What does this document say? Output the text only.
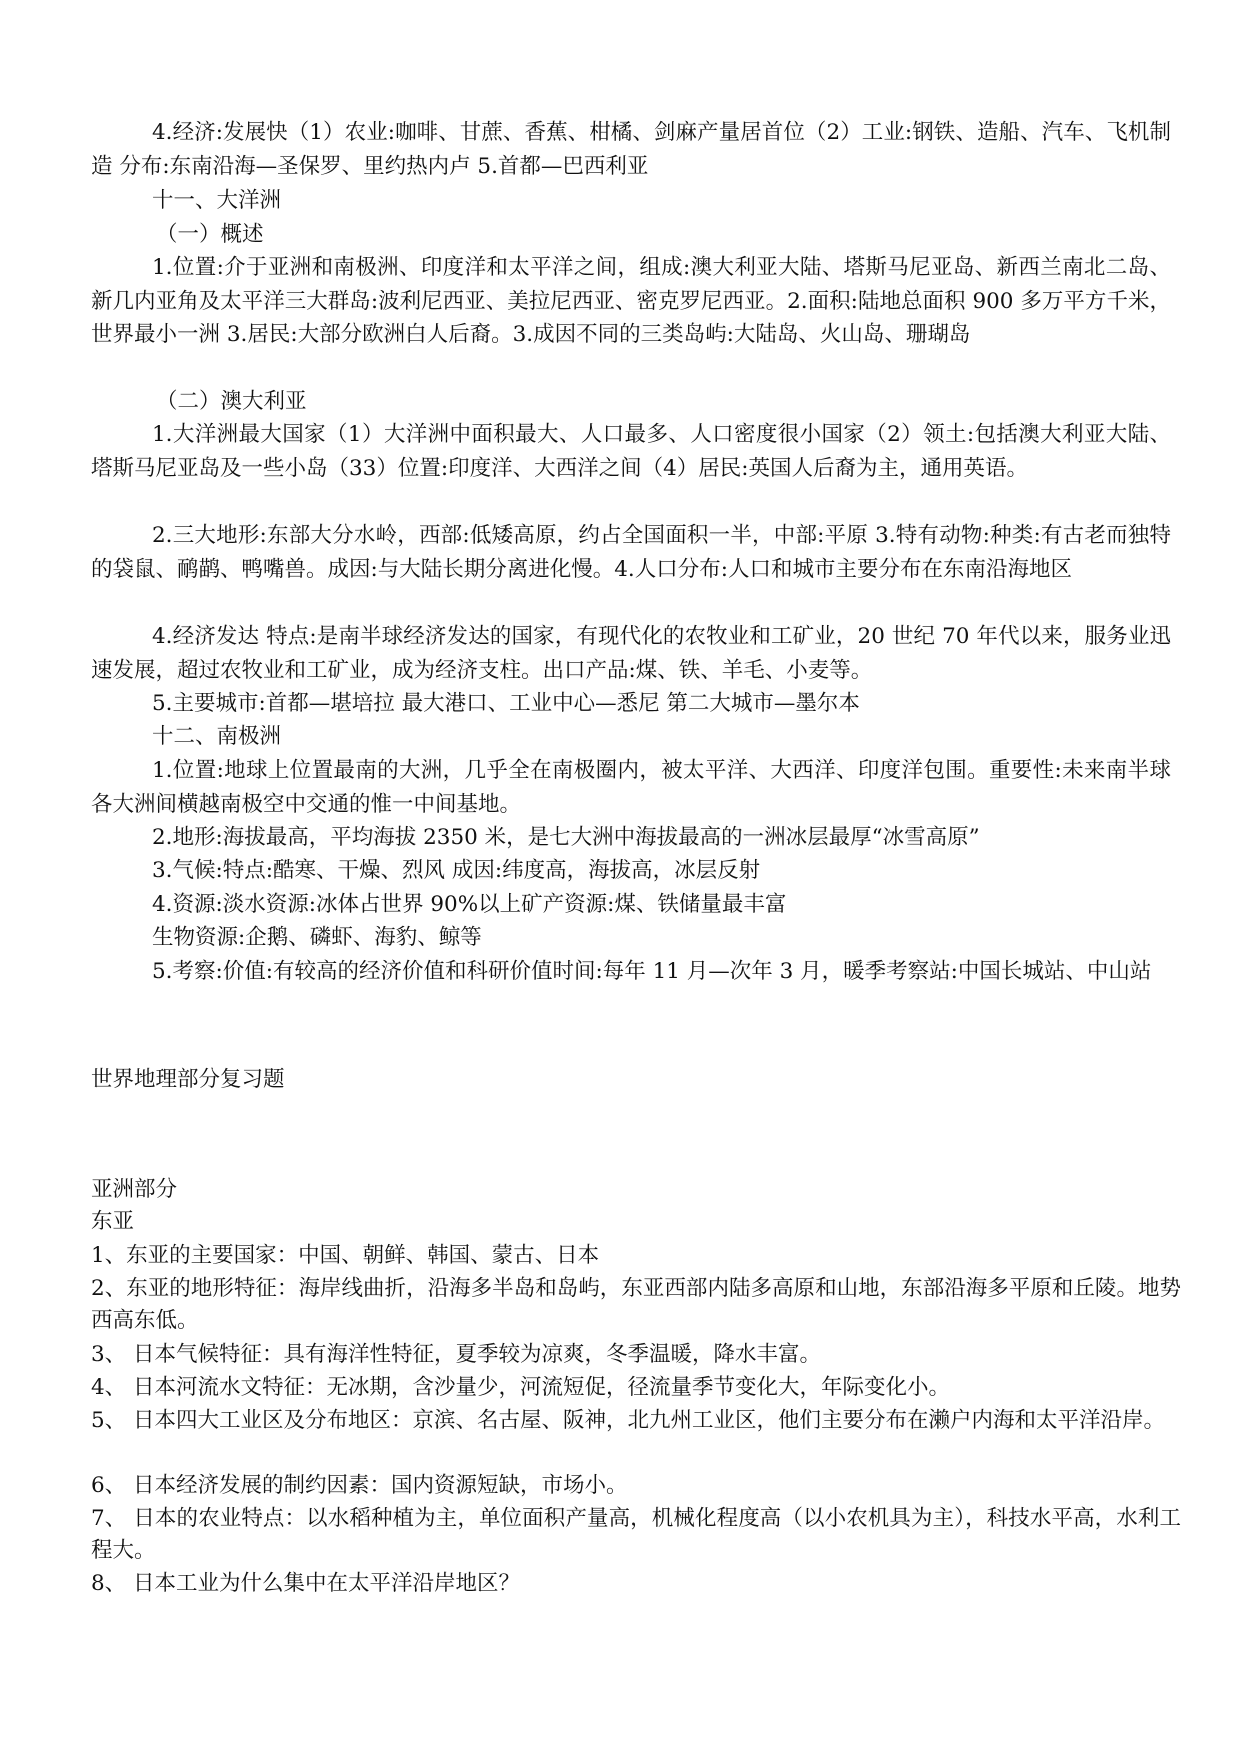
4.经济:发展快（1）农业:咖啡、甘蔗、香蕉、柑橘、剑麻产量居首位（2）工业:钢铁、造船、汽车、飞机制造 分布:东南沿海—圣保罗、里约热内卢 5.首都—巴西利亚
十一、大洋洲
（一）概述
1.位置:介于亚洲和南极洲、印度洋和太平洋之间，组成:澳大利亚大陆、塔斯马尼亚岛、新西兰南北二岛、新几内亚角及太平洋三大群岛:波利尼西亚、美拉尼西亚、密克罗尼西亚。2.面积:陆地总面积 900 多万平方千米，世界最小一洲 3.居民:大部分欧洲白人后裔。3.成因不同的三类岛屿:大陆岛、火山岛、珊瑚岛
（二）澳大利亚
1.大洋洲最大国家（1）大洋洲中面积最大、人口最多、人口密度很小国家（2）领土:包括澳大利亚大陆、塔斯马尼亚岛及一些小岛（33）位置:印度洋、大西洋之间（4）居民:英国人后裔为主，通用英语。
2.三大地形:东部大分水岭，西部:低矮高原，约占全国面积一半，中部:平原 3.特有动物:种类:有古老而独特的袋鼠、鸸鹋、鸭嘴兽。成因:与大陆长期分离进化慢。4.人口分布:人口和城市主要分布在东南沿海地区
4.经济发达 特点:是南半球经济发达的国家，有现代化的农牧业和工矿业，20 世纪 70 年代以来，服务业迅速发展，超过农牧业和工矿业，成为经济支柱。出口产品:煤、铁、羊毛、小麦等。
5.主要城市:首都—堪培拉 最大港口、工业中心—悉尼 第二大城市—墨尔本
十二、南极洲
1.位置:地球上位置最南的大洲，几乎全在南极圈内，被太平洋、大西洋、印度洋包围。重要性:未来南半球各大洲间横越南极空中交通的惟一中间基地。
2.地形:海拔最高，平均海拔 2350 米，是七大洲中海拔最高的一洲冰层最厚“冰雪高原”
3.气候:特点:酷寒、干燥、烈风 成因:纬度高，海拔高，冰层反射
4.资源:淡水资源:冰体占世界 90%以上矿产资源:煤、铁储量最丰富
生物资源:企鹅、磷虾、海豹、鲸等
5.考察:价值:有较高的经济价值和科研价值时间:每年 11 月—次年 3 月，暖季考察站:中国长城站、中山站
世界地理部分复习题
亚洲部分
东亚
1、东亚的主要国家：中国、朝鲜、韩国、蒙古、日本
2、东亚的地形特征：海岸线曲折，沿海多半岛和岛屿，东亚西部内陆多高原和山地，东部沿海多平原和丘陵。地势西高东低。
3、 日本气候特征：具有海洋性特征，夏季较为凉爽，冬季温暖，降水丰富。
4、 日本河流水文特征：无冰期，含沙量少，河流短促，径流量季节变化大，年际变化小。
5、 日本四大工业区及分布地区：京滨、名古屋、阪神，北九州工业区，他们主要分布在濑户内海和太平洋沿岸。
6、 日本经济发展的制约因素：国内资源短缺，市场小。
7、 日本的农业特点：以水稻种植为主，单位面积产量高，机械化程度高（以小农机具为主），科技水平高，水利工程大。
8、 日本工业为什么集中在太平洋沿岸地区？
